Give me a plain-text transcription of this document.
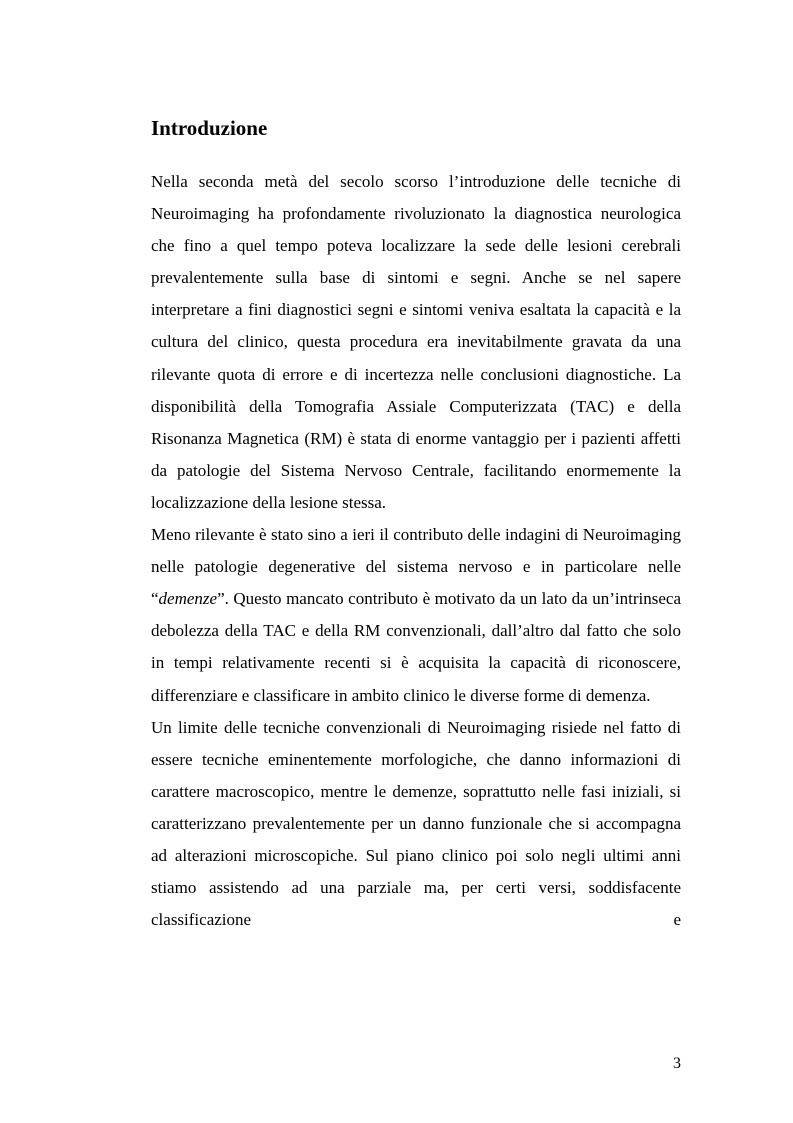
Introduzione

Nella seconda metà del secolo scorso l’introduzione delle tecniche di Neuroimaging ha profondamente rivoluzionato la diagnostica neurologica che fino a quel tempo poteva localizzare la sede delle lesioni cerebrali prevalentemente sulla base di sintomi e segni. Anche se nel sapere interpretare a fini diagnostici segni e sintomi veniva esaltata la capacità e la cultura del clinico, questa procedura era inevitabilmente gravata da una rilevante quota di errore e di incertezza nelle conclusioni diagnostiche. La disponibilità della Tomografia Assiale Computerizzata (TAC) e della Risonanza Magnetica (RM) è stata di enorme vantaggio per i pazienti affetti da patologie del Sistema Nervoso Centrale, facilitando enormemente la localizzazione della lesione stessa.

Meno rilevante è stato sino a ieri il contributo delle indagini di Neuroimaging nelle patologie degenerative del sistema nervoso e in particolare nelle “demenze”. Questo mancato contributo è motivato da un lato da un’intrinseca debolezza della TAC e della RM convenzionali, dall’altro dal fatto che solo in tempi relativamente recenti si è acquisita la capacità di riconoscere, differenziare e classificare in ambito clinico le diverse forme di demenza.

Un limite delle tecniche convenzionali di Neuroimaging risiede nel fatto di essere tecniche eminentemente morfologiche, che danno informazioni di carattere macroscopico, mentre le demenze, soprattutto nelle fasi iniziali, si caratterizzano prevalentemente per un danno funzionale che si accompagna ad alterazioni microscopiche. Sul piano clinico poi solo negli ultimi anni stiamo assistendo ad una parziale ma, per certi versi, soddisfacente classificazione e

3
